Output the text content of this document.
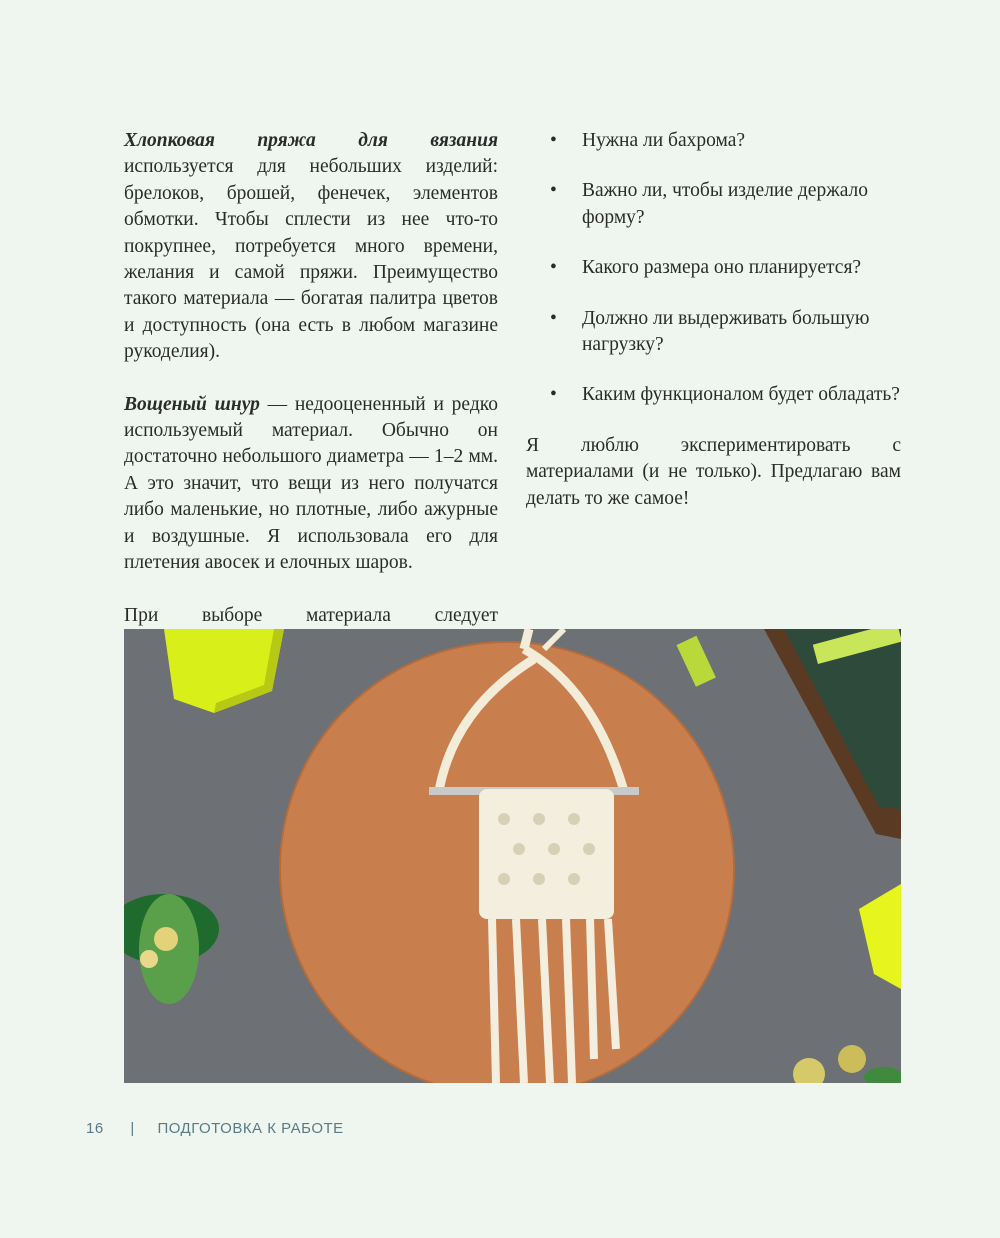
Хлопковая пряжа для вязания используется для небольших изделий: брелоков, брошей, фенечек, элементов обмотки. Чтобы сплести из нее что-то покрупнее, потребуется много времени, желания и самой пряжи. Преимущество такого материала — богатая палитра цветов и доступность (она есть в любом магазине рукоделия).

Вощеный шнур — недооцененный и редко используемый материал. Обычно он достаточно небольшого диаметра — 1–2 мм. А это значит, что вещи из него получатся либо маленькие, но плотные, либо ажурные и воздушные. Я использовала его для плетения авосек и елочных шаров.

При выборе материала следует

• Нужна ли бахрома?
• Важно ли, чтобы изделие держало форму?
• Какого размера оно планируется?
• Должно ли выдерживать большую нагрузку?
• Каким функционалом будет обладать?

Я люблю экспериментировать с материалами (и не только). Предлагаю вам делать то же самое!

16 | ПОДГОТОВКА К РАБОТЕ
